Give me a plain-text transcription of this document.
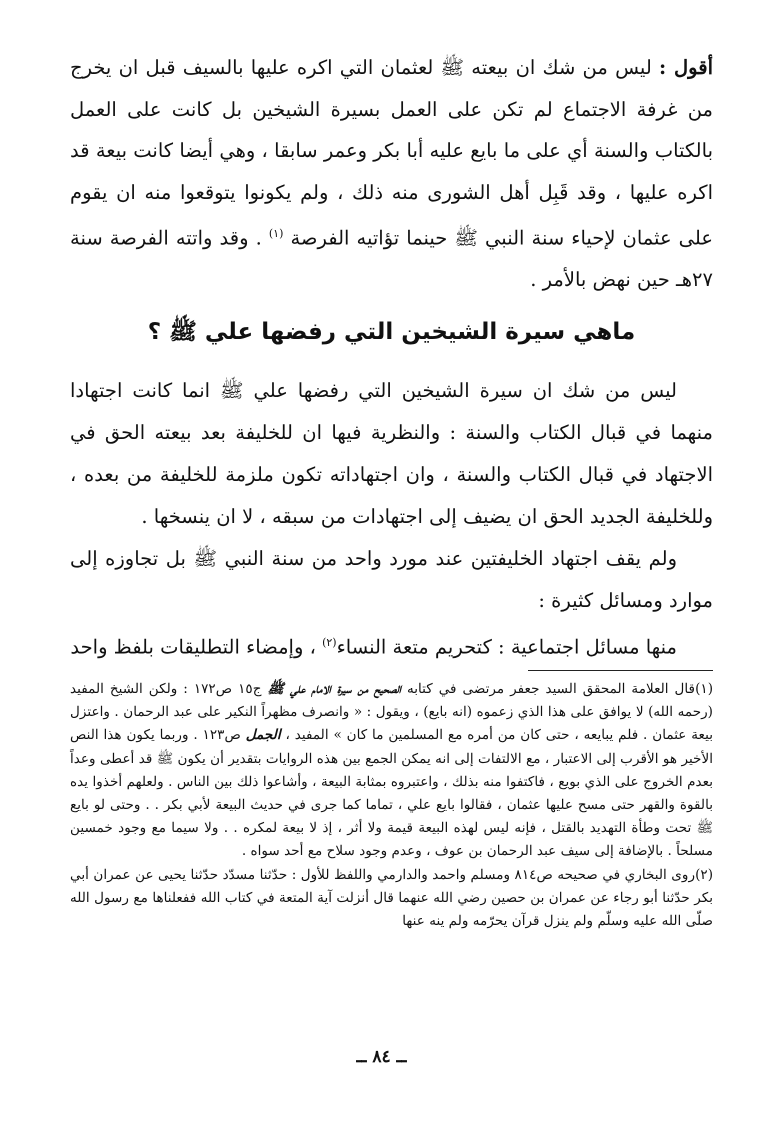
أقول : ليس من شك ان بيعته ﷺ لعثمان التي اكره عليها بالسيف قبل ان يخرج من غرفة الاجتماع لم تكن على العمل بسيرة الشيخين بل كانت على العمل بالكتاب والسنة أي على ما بايع عليه أبا بكر وعمر سابقا ، وهي أيضا كانت بيعة قد اكره عليها ، وقد قَبِل أهل الشورى منه ذلك ، ولم يكونوا يتوقعوا منه ان يقوم على عثمان لإحياء سنة النبي ﷺ حينما تؤاتيه الفرصة $^{(١)}$ . وقد واتته الفرصة سنة ٢٧هـ حين نهض بالأمر .

ماهي سيرة الشيخين التي رفضها علي ﷺ ؟

ليس من شك ان سيرة الشيخين التي رفضها علي ﷺ انما كانت اجتهادا منهما في قبال الكتاب والسنة : والنظرية فيها ان للخليفة بعد بيعته الحق في الاجتهاد في قبال الكتاب والسنة ، وان اجتهاداته تكون ملزمة للخليفة من بعده ، وللخليفة الجديد الحق ان يضيف إلى اجتهادات من سبقه ، لا ان ينسخها .

ولم يقف اجتهاد الخليفتين عند مورد واحد من سنة النبي ﷺ بل تجاوزه إلى موارد ومسائل كثيرة :

منها مسائل اجتماعية : كتحريم متعة النساء$^{(٢)}$ ، وإمضاء التطليقات بلفظ واحد

(١)قال العلامة المحقق السيد جعفر مرتضى في كتابه الصحيح من سيرة الامام علي ﷺ ج١٥ ص١٧٢ : ولكن الشيخ المفيد (رحمه الله) لا يوافق على هذا الذي زعموه (انه بايع) ، ويقول : « وانصرف مظهراً النكير على عبد الرحمان . واعتزل بيعة عثمان . فلم يبايعه ، حتى كان من أمره مع المسلمين ما كان » المفيد ، الجمل ص١٢٣ . وربما يكون هذا النص الأخير هو الأقرب إلى الاعتبار ، مع الالتفات إلى انه يمكن الجمع بين هذه الروايات بتقدير أن يكون ﷺ قد أعطى وعداً بعدم الخروج على الذي بويع ، فاكتفوا منه بذلك ، واعتبروه بمثابة البيعة ، وأشاعوا ذلك بين الناس . ولعلهم أخذوا يده بالقوة والقهر حتى مسح عليها عثمان ، فقالوا بايع علي ، تماما كما جرى في حديث البيعة لأبي بكر . . وحتى لو بايع ﷺ تحت وطأة التهديد بالقتل ، فإنه ليس لهذه البيعة قيمة ولا أثر ، إذ لا بيعة لمكره . . ولا سيما مع وجود خمسين مسلحاً . بالإضافة إلى سيف عبد الرحمان بن عوف ، وعدم وجود سلاح مع أحد سواه .

(٢)روى البخاري في صحيحه ص٨١٤ ومسلم واحمد والدارمي واللفظ للأول : حدّثنا مسدّد حدّثنا يحيى عن عمران أبي بكر حدّثنا أبو رجاء عن عمران بن حصين رضي الله عنهما قال أنزلت آية المتعة في كتاب الله ففعلناها مع رسول الله صلّى الله عليه وسلّم ولم ينزل قرآن يحرّمه ولم ينه عنها

ــ ٨٤ ــ
